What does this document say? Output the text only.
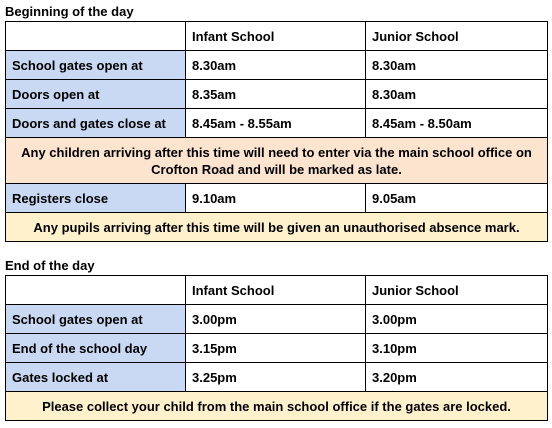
Beginning of the day
	Infant School	Junior School
School gates open at	8.30am	8.30am
Doors open at	8.35am	8.30am
Doors and gates close at	8.45am - 8.55am	8.45am - 8.50am
Any children arriving after this time will need to enter via the main school office on Crofton Road and will be marked as late.		
Registers close	9.10am	9.05am
Any pupils arriving after this time will be given an unauthorised absence mark.		
End of the day
	Infant School	Junior School
School gates open at	3.00pm	3.00pm
End of the school day	3.15pm	3.10pm
Gates locked at	3.25pm	3.20pm
Please collect your child from the main school office if the gates are locked.		
